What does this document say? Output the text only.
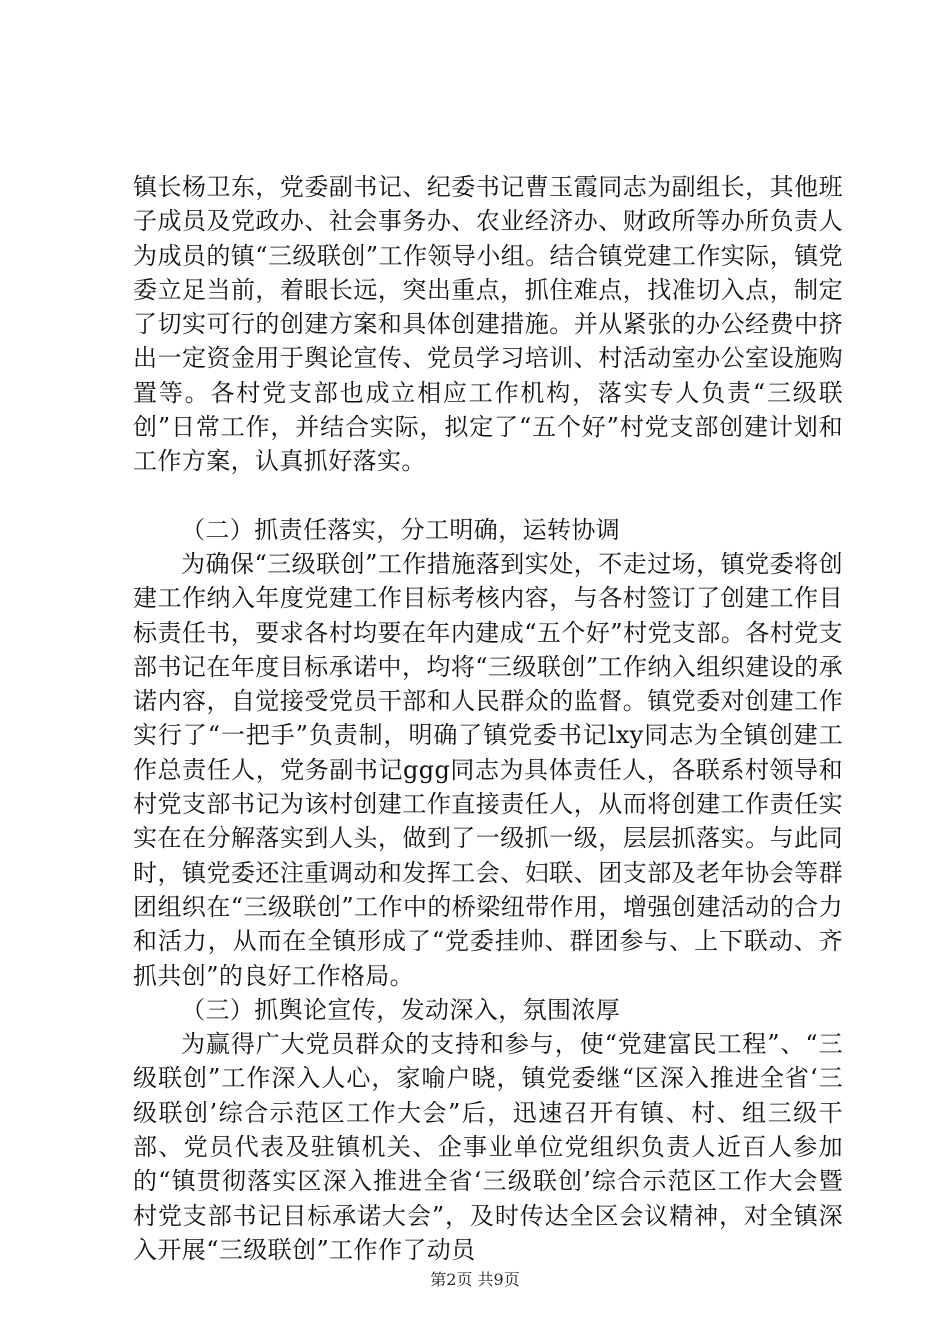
镇长杨卫东，党委副书记、纪委书记曹玉霞同志为副组长，其他班子成员及党政办、社会事务办、农业经济办、财政所等办所负责人为成员的镇“三级联创”工作领导小组。结合镇党建工作实际，镇党委立足当前，着眼长远，突出重点，抓住难点，找准切入点，制定了切实可行的创建方案和具体创建措施。并从紧张的办公经费中挤出一定资金用于舆论宣传、党员学习培训、村活动室办公室设施购置等。各村党支部也成立相应工作机构，落实专人负责“三级联创”日常工作，并结合实际，拟定了“五个好”村党支部创建计划和工作方案，认真抓好落实。

（二）抓责任落实，分工明确，运转协调

为确保“三级联创”工作措施落到实处，不走过场，镇党委将创建工作纳入年度党建工作目标考核内容，与各村签订了创建工作目标责任书，要求各村均要在年内建成“五个好”村党支部。各村党支部书记在年度目标承诺中，均将“三级联创”工作纳入组织建设的承诺内容，自觉接受党员干部和人民群众的监督。镇党委对创建工作实行了“一把手”负责制，明确了镇党委书记lxy同志为全镇创建工作总责任人，党务副书记ggg同志为具体责任人，各联系村领导和村党支部书记为该村创建工作直接责任人，从而将创建工作责任实实在在分解落实到人头，做到了一级抓一级，层层抓落实。与此同时，镇党委还注重调动和发挥工会、妇联、团支部及老年协会等群团组织在“三级联创”工作中的桥梁纽带作用，增强创建活动的合力和活力，从而在全镇形成了“党委挂帅、群团参与、上下联动、齐抓共创”的良好工作格局。

（三）抓舆论宣传，发动深入，氛围浓厚

为赢得广大党员群众的支持和参与，使“党建富民工程”、“三级联创”工作深入人心，家喻户晓，镇党委继“区深入推进全省‘三级联创’综合示范区工作大会”后，迅速召开有镇、村、组三级干部、党员代表及驻镇机关、企事业单位党组织负责人近百人参加的“镇贯彻落实区深入推进全省‘三级联创’综合示范区工作大会暨村党支部书记目标承诺大会”，及时传达全区会议精神，对全镇深入开展“三级联创”工作作了动员

第2页 共9页
